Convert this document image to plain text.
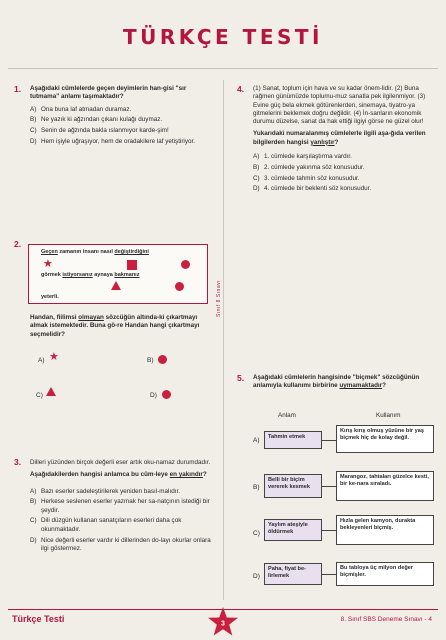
TÜRKÇE TESTİ
1. Aşağıdaki cümlelerde geçen deyimlerin han-gisi "sır tutmama" anlamı taşımaktadır?
A) Ona buna laf atmadan duramaz.
B) Ne yazık ki ağzından çıkanı kulağı duymaz.
C) Senin de ağzında bakla ıslanmıyor karde-şim!
D) Hem işiyle uğraşıyor, hem de oradakilere laf yetiştiriyor.
2.
Geçen zamanın insanı nasıl değiştirdiğini
★
görmek istiyorsanız aynaya bakmanız
yeterli.
Handan, fiilimsi olmayan sözcüğün altında-ki çıkartmayı almak istemektedir. Buna gö-re Handan hangi çıkartmayı seçmelidir?
A) ★	B)
C)	D)
3. Dilleri yüzünden birçok değerli eser artık oku-namaz durumdadır.
Aşağıdakilerden hangisi anlamca bu cüm-leye en yakındır?
A) Bazı eserler sadeleştirilerek yeniden basıl-malıdır.
B) Herkese seslenen eserler yazmak her sa-natçının istediği bir şeydir.
C) Dili düzgün kullanan sanatçıların eserleri daha çok okunmaktadır.
D) Nice değerli eserler vardır ki dillerinden do-layı okurlar onlara ilgi göstermez.
4. (1) Sanat, toplum için hava ve su kadar önem-lidir. (2) Buna rağmen günümüzde toplumu-muz sanatla pek ilgilenmiyor. (3) Evine güç bela ekmek götürenlerden, sinemaya, tiyatro-ya gitmelerini beklemek doğru değildir. (4) İn-sanların ekonomik durumu düzelse, sanat da hak ettiği ilgiyi görse ne güzel olur!
Yukarıdaki numaralanmış cümlelerle ilgili aşa-ğıda verilen bilgilerden hangisi yanlıştır?
A) 1. cümlede karşılaştırma vardır.
B) 2. cümlede yakınma söz konusudur.
C) 3. cümlede tahmin söz konusudur.
D) 4. cümlede bir beklenti söz konusudur.
Sınıf 8 Sınavı
5. Aşağıdaki cümlelerin hangisinde "biçmek" sözcüğünün anlamıyla kullanımı birbirine uymamaktadır?
Anlam	Kullanım
A)	Tahmin etmek
Kırış kırış olmuş yüzüne bir yaş biçmek hiç de kolay değil.
B)
Belli bir biçim vererek kesmek
Marangoz, tahtaları güzelce kesti, bir ke-nara sıraladı.
C)
Yaylım ateşiyle öldürmek
Hızla gelen kamyon, durakta bekleyenleri biçmiş.
D)
Paha, fiyat be-lirlemek
Bu tabloya üç milyon değer biçmişler.
Türkçe Testi	3
8. Sınıf SBS Deneme Sınavı - 4
